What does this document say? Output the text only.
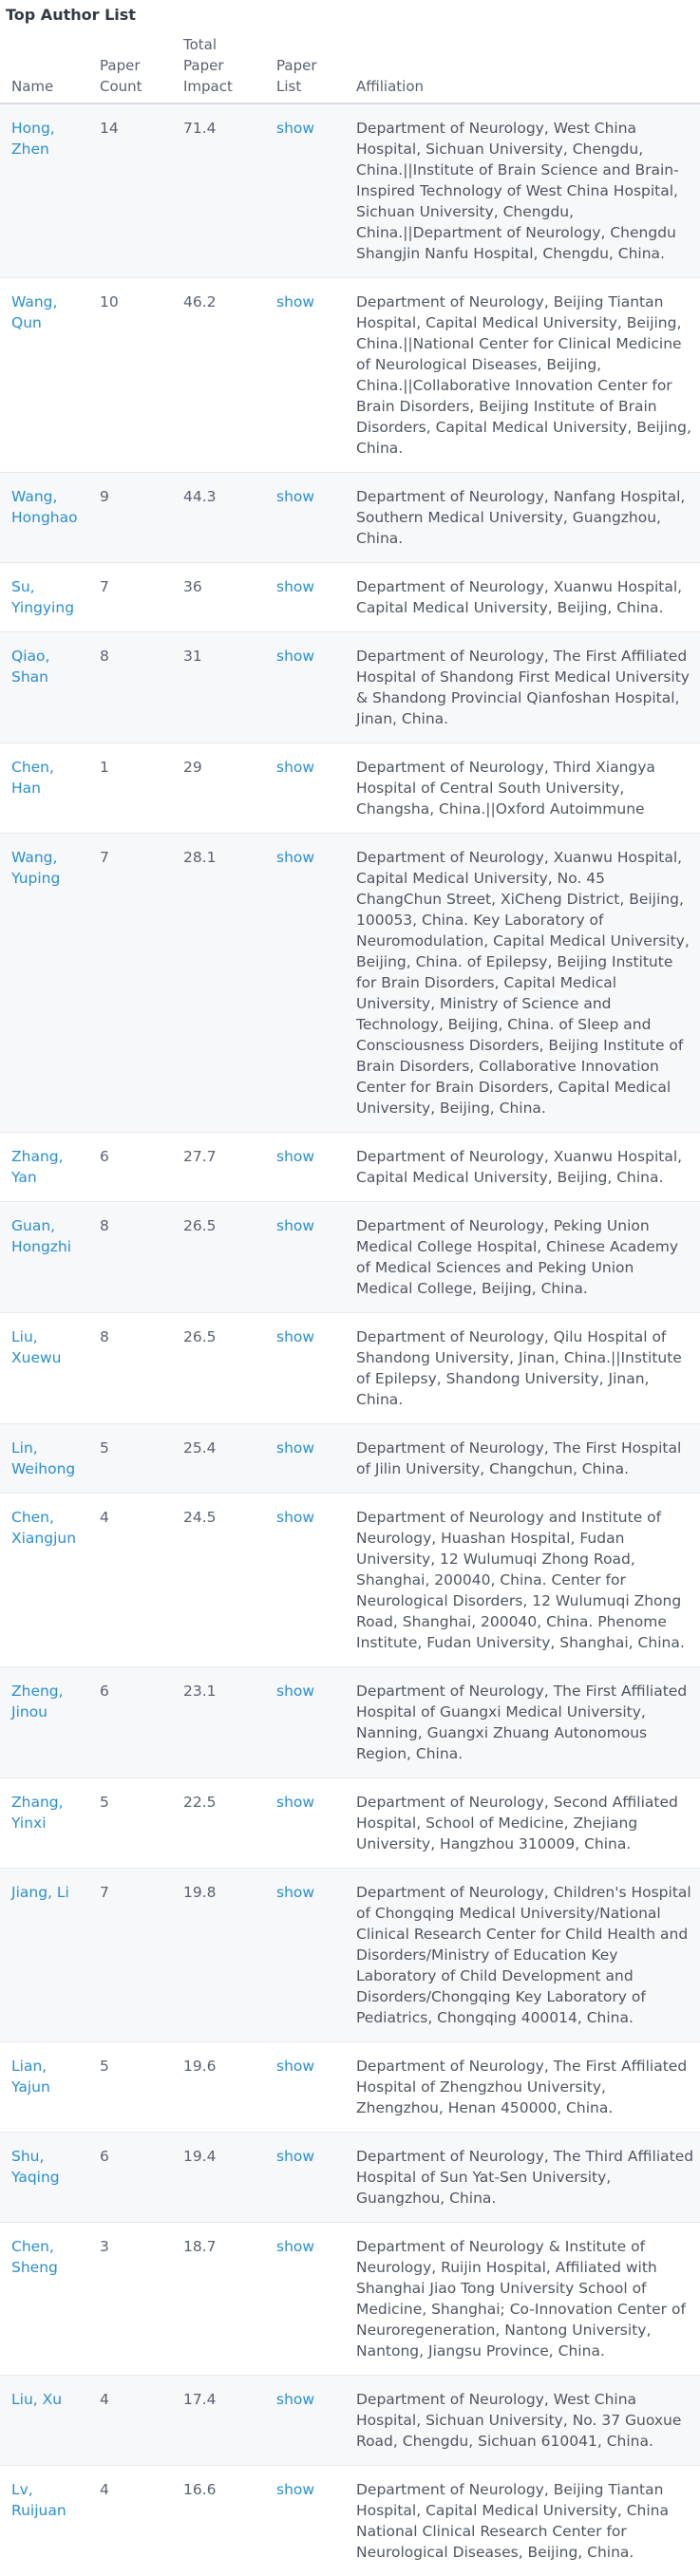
Top Author List
Name	Paper Count	Total Paper Impact	Paper List	Affiliation
Hong, Zhen	14	71.4	show	Department of Neurology, West China Hospital, Sichuan University, Chengdu, China.||Institute of Brain Science and Brain-Inspired Technology of West China Hospital, Sichuan University, Chengdu, China.||Department of Neurology, Chengdu Shangjin Nanfu Hospital, Chengdu, China.
Wang, Qun	10	46.2	show	Department of Neurology, Beijing Tiantan Hospital, Capital Medical University, Beijing, China.||National Center for Clinical Medicine of Neurological Diseases, Beijing, China.||Collaborative Innovation Center for Brain Disorders, Beijing Institute of Brain Disorders, Capital Medical University, Beijing, China.
Wang, Honghao	9	44.3	show	Department of Neurology, Nanfang Hospital, Southern Medical University, Guangzhou, China.
Su, Yingying	7	36	show	Department of Neurology, Xuanwu Hospital, Capital Medical University, Beijing, China.
Qiao, Shan	8	31	show	Department of Neurology, The First Affiliated Hospital of Shandong First Medical University & Shandong Provincial Qianfoshan Hospital, Jinan, China.
Chen, Han	1	29	show	Department of Neurology, Third Xiangya Hospital of Central South University, Changsha, China.||Oxford Autoimmune
Wang, Yuping	7	28.1	show	Department of Neurology, Xuanwu Hospital, Capital Medical University, No. 45 ChangChun Street, XiCheng District, Beijing, 100053, China. Key Laboratory of Neuromodulation, Capital Medical University, Beijing, China. of Epilepsy, Beijing Institute for Brain Disorders, Capital Medical University, Ministry of Science and Technology, Beijing, China. of Sleep and Consciousness Disorders, Beijing Institute of Brain Disorders, Collaborative Innovation Center for Brain Disorders, Capital Medical University, Beijing, China.
Zhang, Yan	6	27.7	show	Department of Neurology, Xuanwu Hospital, Capital Medical University, Beijing, China.
Guan, Hongzhi	8	26.5	show	Department of Neurology, Peking Union Medical College Hospital, Chinese Academy of Medical Sciences and Peking Union Medical College, Beijing, China.
Liu, Xuewu	8	26.5	show	Department of Neurology, Qilu Hospital of Shandong University, Jinan, China.||Institute of Epilepsy, Shandong University, Jinan, China.
Lin, Weihong	5	25.4	show	Department of Neurology, The First Hospital of Jilin University, Changchun, China.
Chen, Xiangjun	4	24.5	show	Department of Neurology and Institute of Neurology, Huashan Hospital, Fudan University, 12 Wulumuqi Zhong Road, Shanghai, 200040, China. Center for Neurological Disorders, 12 Wulumuqi Zhong Road, Shanghai, 200040, China. Phenome Institute, Fudan University, Shanghai, China.
Zheng, Jinou	6	23.1	show	Department of Neurology, The First Affiliated Hospital of Guangxi Medical University, Nanning, Guangxi Zhuang Autonomous Region, China.
Zhang, Yinxi	5	22.5	show	Department of Neurology, Second Affiliated Hospital, School of Medicine, Zhejiang University, Hangzhou 310009, China.
Jiang, Li	7	19.8	show	Department of Neurology, Children's Hospital of Chongqing Medical University/National Clinical Research Center for Child Health and Disorders/Ministry of Education Key Laboratory of Child Development and Disorders/Chongqing Key Laboratory of Pediatrics, Chongqing 400014, China.
Lian, Yajun	5	19.6	show	Department of Neurology, The First Affiliated Hospital of Zhengzhou University, Zhengzhou, Henan 450000, China.
Shu, Yaqing	6	19.4	show	Department of Neurology, The Third Affiliated Hospital of Sun Yat-Sen University, Guangzhou, China.
Chen, Sheng	3	18.7	show	Department of Neurology & Institute of Neurology, Ruijin Hospital, Affiliated with Shanghai Jiao Tong University School of Medicine, Shanghai; Co-Innovation Center of Neuroregeneration, Nantong University, Nantong, Jiangsu Province, China.
Liu, Xu	4	17.4	show	Department of Neurology, West China Hospital, Sichuan University, No. 37 Guoxue Road, Chengdu, Sichuan 610041, China.
Lv, Ruijuan	4	16.6	show	Department of Neurology, Beijing Tiantan Hospital, Capital Medical University, China National Clinical Research Center for Neurological Diseases, Beijing, China.
